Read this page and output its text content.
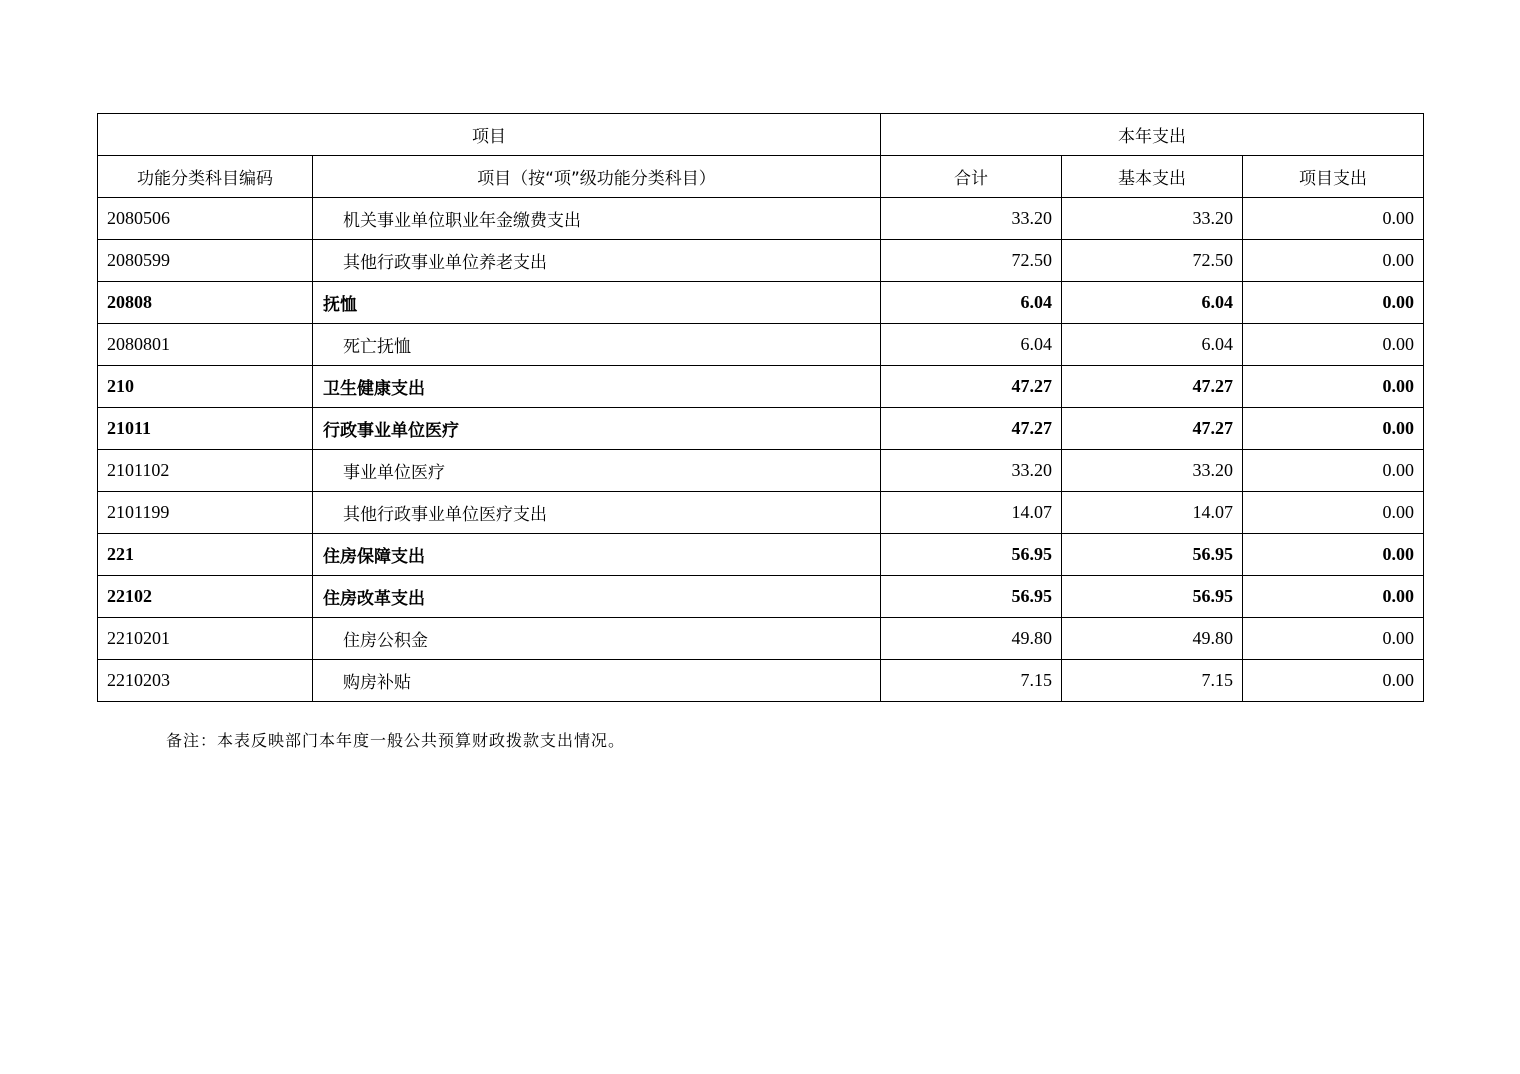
项目		本年支出		
功能分类科目编码	项目（按“项”级功能分类科目）	合计	基本支出	项目支出
2080506	机关事业单位职业年金缴费支出	33.20	33.20	0.00
2080599	其他行政事业单位养老支出	72.50	72.50	0.00
20808	抚恤	6.04	6.04	0.00
2080801	死亡抚恤	6.04	6.04	0.00
210	卫生健康支出	47.27	47.27	0.00
21011	行政事业单位医疗	47.27	47.27	0.00
2101102	事业单位医疗	33.20	33.20	0.00
2101199	其他行政事业单位医疗支出	14.07	14.07	0.00
221	住房保障支出	56.95	56.95	0.00
22102	住房改革支出	56.95	56.95	0.00
2210201	住房公积金	49.80	49.80	0.00
2210203	购房补贴	7.15	7.15	0.00
备注：本表反映部门本年度一般公共预算财政拨款支出情况。
